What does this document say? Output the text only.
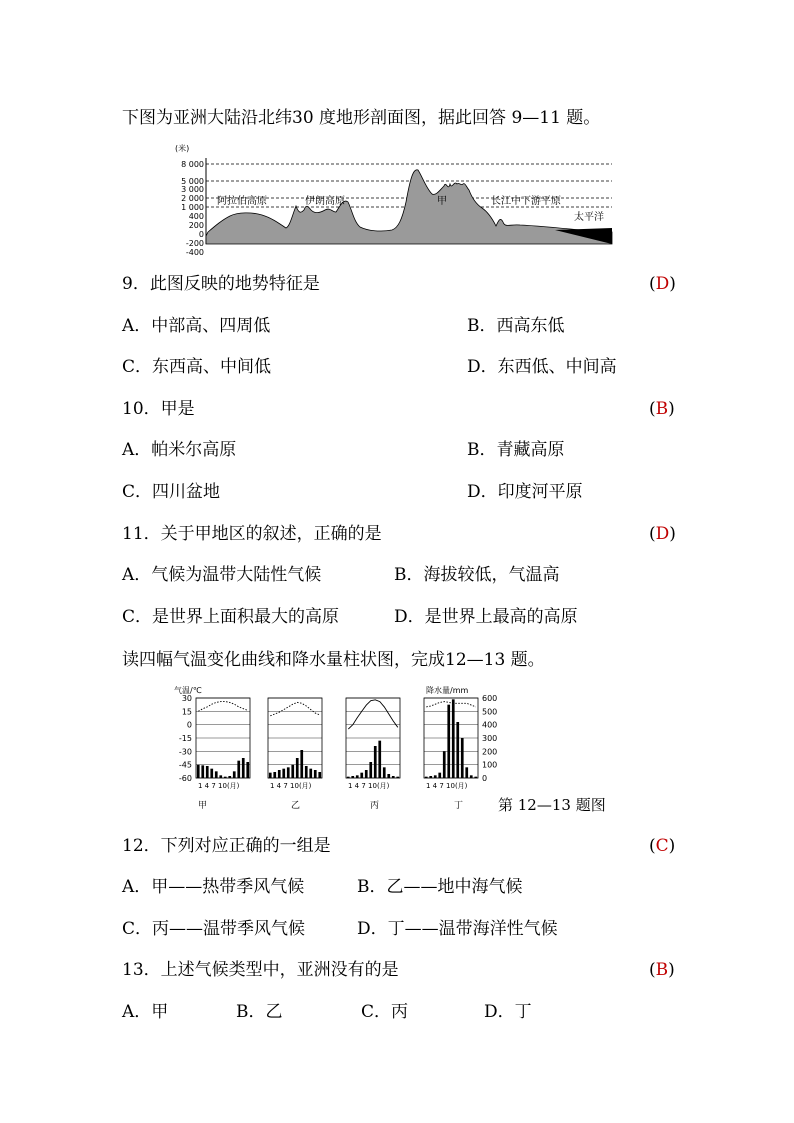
下图为亚洲大陆沿北纬30 度地形剖面图，据此回答 9—11 题。
(米)
8 000
5 000
3 000
2 000
1 000
400
200
0
-200
-400
阿拉伯高原	伊朗高原	甲	长江中下游平原
太平洋
9．此图反映的地势特征是	(D)
A．中部高、四周低	B．西高东低
C．东西高、中间低	D．东西低、中间高
10．甲是	(B)
A．帕米尔高原	B．青藏高原
C．四川盆地	D．印度河平原
11．关于甲地区的叙述，正确的是	(D)
A．气候为温带大陆性气候	B．海拔较低，气温高
C．是世界上面积最大的高原	D．是世界上最高的高原
读四幅气温变化曲线和降水量柱状图，完成12—13 题。
气温/℃	降水量/mm
30
15
0
-15
-30
-45
-60
600
500
400
300
200
100
0
1 4 7 10(月)	1 4 7 10(月)	1 4 7 10(月)	1 4 7 10(月)
甲	乙	丙	丁 第 12—13 题图
12．下列对应正确的一组是	(C)
A．甲——热带季风气候	B．乙——地中海气候
C．丙——温带季风气候	D．丁——温带海洋性气候
13．上述气候类型中，亚洲没有的是	(B)
A．甲	B．乙	C．丙	D．丁
